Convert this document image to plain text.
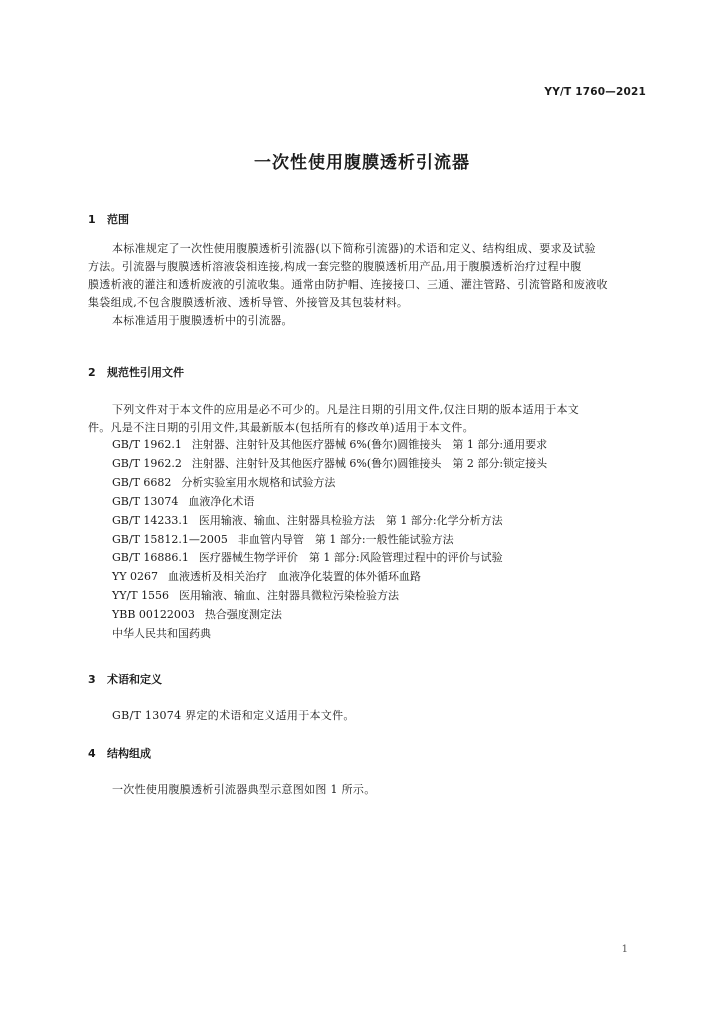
YY/T 1760—2021
一次性使用腹膜透析引流器
1 范围
本标准规定了一次性使用腹膜透析引流器(以下简称引流器)的术语和定义、结构组成、要求及试验
方法。引流器与腹膜透析溶液袋相连接,构成一套完整的腹膜透析用产品,用于腹膜透析治疗过程中腹
膜透析液的灌注和透析废液的引流收集。通常由防护帽、连接接口、三通、灌注管路、引流管路和废液收
集袋组成,不包含腹膜透析液、透析导管、外接管及其包装材料。
本标准适用于腹膜透析中的引流器。
2 规范性引用文件
下列文件对于本文件的应用是必不可少的。凡是注日期的引用文件,仅注日期的版本适用于本文
件。凡是不注日期的引用文件,其最新版本(包括所有的修改单)适用于本文件。
GB/T 1962.1 注射器、注射针及其他医疗器械 6%(鲁尔)圆锥接头　第 1 部分:通用要求
GB/T 1962.2 注射器、注射针及其他医疗器械 6%(鲁尔)圆锥接头　第 2 部分:锁定接头
GB/T 6682 分析实验室用水规格和试验方法
GB/T 13074 血液净化术语
GB/T 14233.1 医用输液、输血、注射器具检验方法　第 1 部分:化学分析方法
GB/T 15812.1—2005 非血管内导管　第 1 部分:一般性能试验方法
GB/T 16886.1 医疗器械生物学评价　第 1 部分:风险管理过程中的评价与试验
YY 0267 血液透析及相关治疗　血液净化装置的体外循环血路
YY/T 1556 医用输液、输血、注射器具微粒污染检验方法
YBB 00122003 热合强度测定法
中华人民共和国药典
3 术语和定义
GB/T 13074 界定的术语和定义适用于本文件。
4 结构组成
一次性使用腹膜透析引流器典型示意图如图 1 所示。
1
